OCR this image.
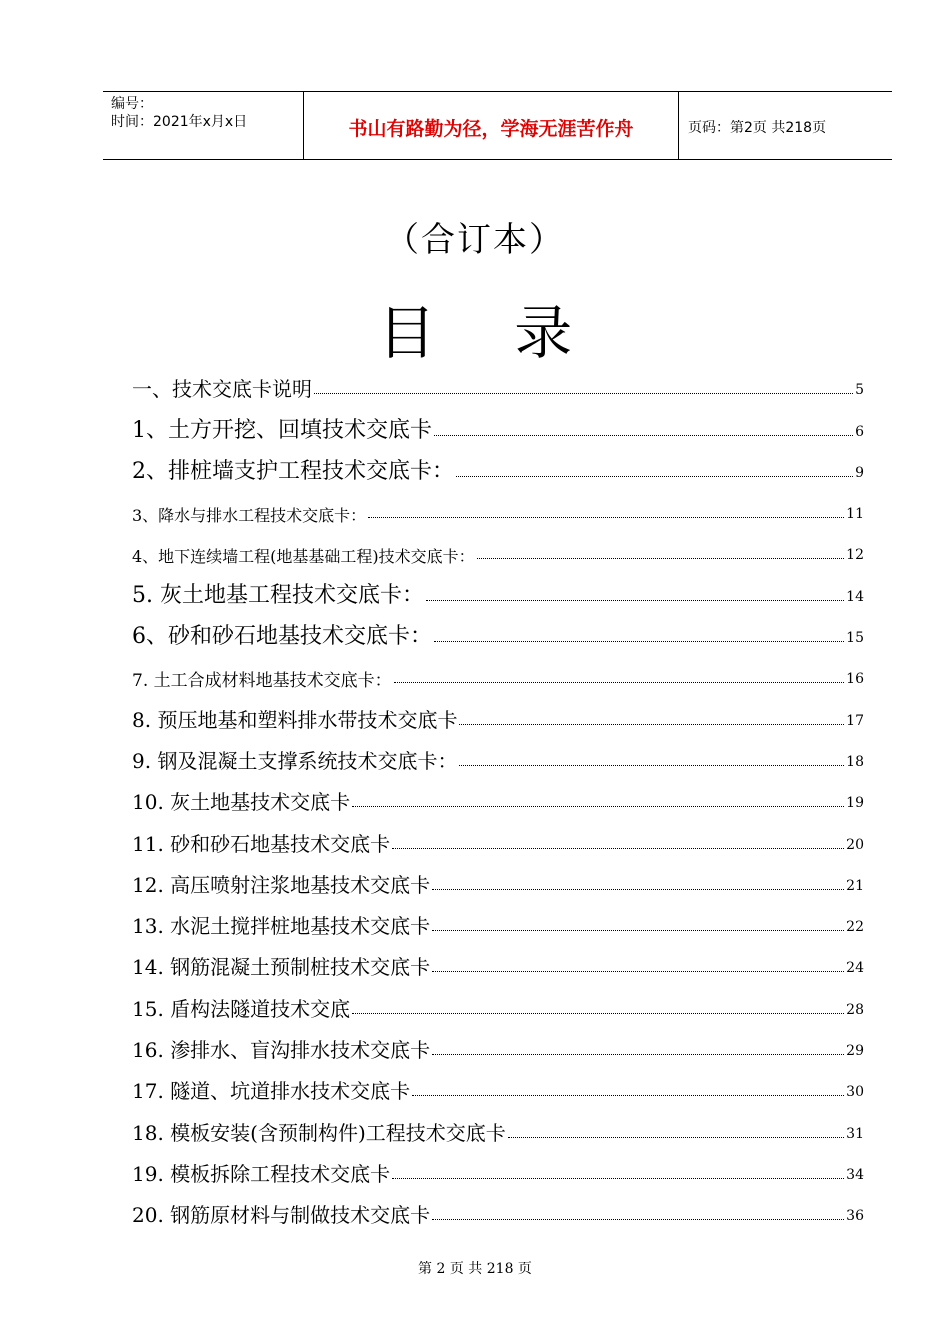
编号：
时间：2021年x月x日	书山有路勤为径，学海无涯苦作舟	页码：第2页 共218页
（合订本）
目 录
一、技术交底卡说明	5
1、土方开挖、回填技术交底卡	6
2、排桩墙支护工程技术交底卡：	9
3、降水与排水工程技术交底卡：	11
4、地下连续墙工程(地基基础工程)技术交底卡：	12
5. 灰土地基工程技术交底卡：	14
6、砂和砂石地基技术交底卡：	15
7. 土工合成材料地基技术交底卡：	16
8. 预压地基和塑料排水带技术交底卡	17
9. 钢及混凝土支撑系统技术交底卡：	18
10. 灰土地基技术交底卡	19
11. 砂和砂石地基技术交底卡	20
12. 高压喷射注浆地基技术交底卡	21
13. 水泥土搅拌桩地基技术交底卡	22
14. 钢筋混凝土预制桩技术交底卡	24
15. 盾构法隧道技术交底	28
16. 渗排水、盲沟排水技术交底卡	29
17. 隧道、坑道排水技术交底卡	30
18. 模板安装(含预制构件)工程技术交底卡	31
19. 模板拆除工程技术交底卡	34
20. 钢筋原材料与制做技术交底卡	36
第 2 页 共 218 页
